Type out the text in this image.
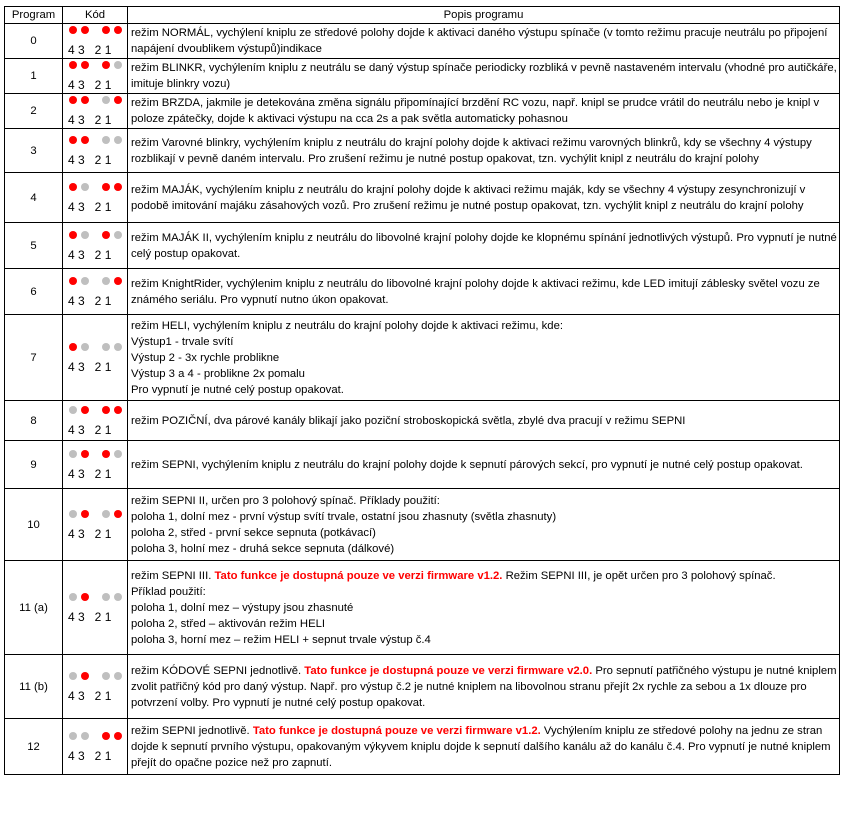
Program	Kód	Popis programu
0	4 3   2 1	režim NORMÁL, vychýlení kniplu ze středové polohy dojde k aktivaci daného výstupu spínače (v tomto režimu pracuje neutrálu po připojení napájení dvoublikem výstupů)indikace

1	4 3   2 1	režim BLINKR, vychýlením kniplu z neutrálu se daný výstup spínače periodicky rozbliká v pevně nastaveném intervalu (vhodné pro autičkáře, imituje blinkry vozu)

2	4 3   2 1	režim BRZDA, jakmile je detekována změna signálu připomínající brzdění RC vozu, např. knipl se prudce vrátil do neutrálu nebo je knipl v poloze zpátečky, dojde k aktivaci výstupu na cca 2s a pak světla automaticky pohasnou

3	4 3   2 1	režim Varovné blinkry, vychýlením kniplu z neutrálu do krajní polohy dojde k aktivaci režimu varovných blinkrů, kdy se všechny 4 výstupy rozblikají v pevně daném intervalu. Pro zrušení režimu je nutné postup opakovat, tzn. vychýlit knipl z neutrálu do krajní polohy

4	4 3   2 1	režim MAJÁK, vychýlením kniplu z neutrálu do krajní polohy dojde k aktivaci režimu maják, kdy se všechny 4 výstupy zesynchronizují v podobě imitování majáku zásahových vozů. Pro zrušení režimu je nutné postup opakovat, tzn. vychýlit knipl z neutrálu do krajní polohy

5	4 3   2 1	režim MAJÁK II, vychýlením kniplu z neutrálu do libovolné krajní polohy dojde ke klopnému spínání jednotlivých výstupů. Pro vypnutí je nutné celý postup opakovat.

6	4 3   2 1	režim KnightRider, vychýlenim kniplu z neutrálu do libovolné krajní polohy dojde k aktivaci režimu, kde LED imitují záblesky světel vozu ze známého seriálu. Pro vypnutí nutno úkon opakovat.

7	4 3   2 1	režim HELI, vychýlením kniplu z neutrálu do krajní polohy dojde k aktivaci režimu, kde:
Výstup1 - trvale svítí
Výstup 2 - 3x rychle problikne
Výstup 3 a 4 - problikne 2x pomalu
Pro vypnutí je nutné celý postup opakovat.

8	4 3   2 1	režim POZIČNÍ, dva párové kanály blikají jako poziční stroboskopická světla, zbylé dva pracují v režimu SEPNI

9	4 3   2 1	režim SEPNI, vychýlením kniplu z neutrálu do krajní polohy dojde k sepnutí párových sekcí, pro vypnutí je nutné celý postup opakovat.

10	4 3   2 1	režim SEPNI II, určen pro 3 polohový spínač. Příklady použití:
poloha 1, dolní mez - první výstup svítí trvale, ostatní jsou zhasnuty (světla zhasnuty)
poloha 2, střed - první sekce sepnuta (potkávací)
poloha 3, holní mez - druhá sekce sepnuta (dálkové)

11 (a)	4 3   2 1	režim SEPNI III. Tato funkce je dostupná pouze ve verzi firmware v1.2. Režim SEPNI III, je opět určen pro 3 polohový spínač.
Příklad použití:
poloha 1, dolní mez – výstupy jsou zhasnuté
poloha 2, střed – aktivován režim HELI
poloha 3, horní mez – režim HELI + sepnut trvale výstup č.4

11 (b)	4 3   2 1	režim KÓDOVÉ SEPNI jednotlivě. Tato funkce je dostupná pouze ve verzi firmware v2.0. Pro sepnutí patřičného výstupu je nutné kniplem zvolit patřičný kód pro daný výstup. Např. pro výstup č.2 je nutné kniplem na libovolnou stranu přejít 2x rychle za sebou a 1x dlouze pro potvrzení volby. Pro vypnutí je nutné celý postup opakovat.

12	4 3   2 1	režim SEPNI jednotlivě. Tato funkce je dostupná pouze ve verzi firmware v1.2. Vychýlením kniplu ze středové polohy na jednu ze stran dojde k sepnutí prvního výstupu, opakovaným výkyvem kniplu dojde k sepnutí dalšího kanálu až do kanálu č.4. Pro vypnutí je nutné kniplem přejít do opačne pozice než pro zapnutí.
